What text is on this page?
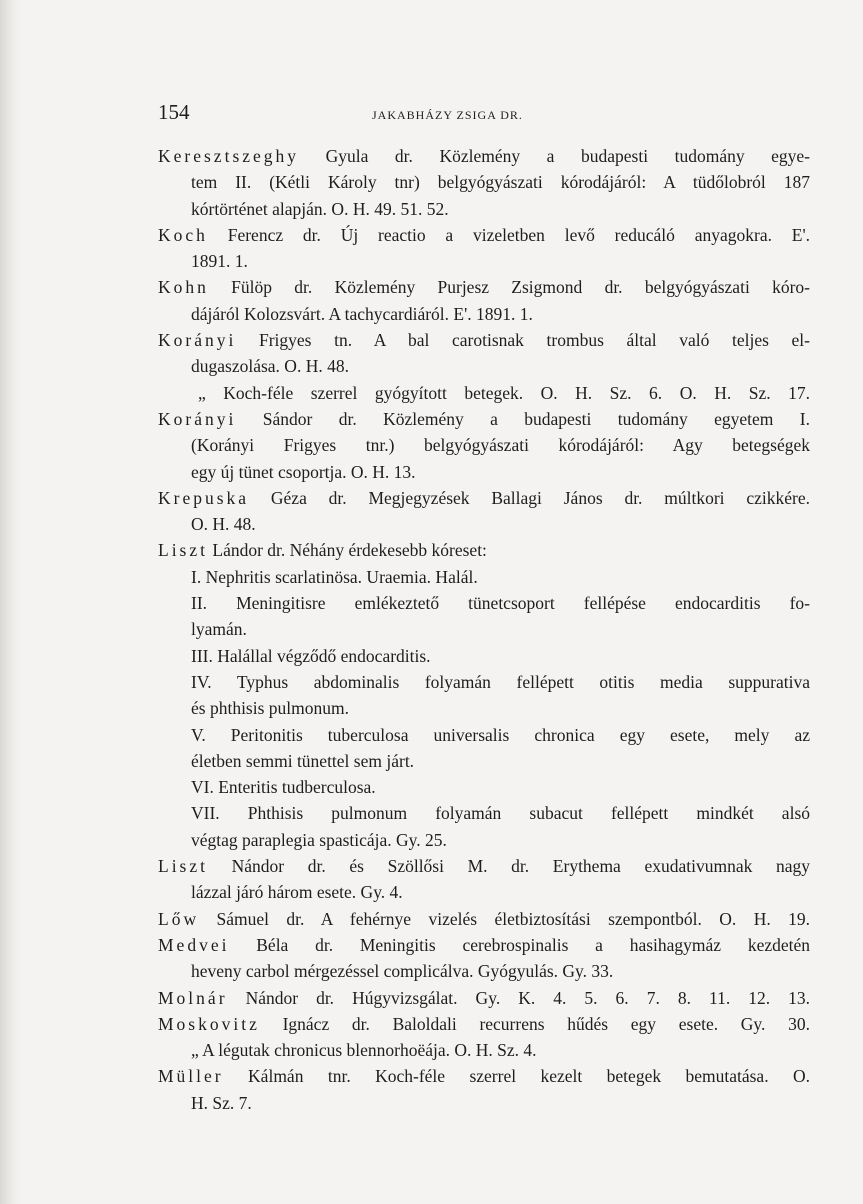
154	JAKABHÁZY ZSIGA DR.
Keresztszeghy Gyula dr. Közlemény a budapesti tudomány egye-
tem II. (Kétli Károly tnr) belgyógyászati kórodájáról: A tüdőlobról 187
kórtörténet alapján. O. H. 49. 51. 52.
Koch Ferencz dr. Új reactio a vizeletben levő reducáló anyagokra. E'.
1891. 1.
Kohn Fülöp dr. Közlemény Purjesz Zsigmond dr. belgyógyászati kóro-
dájáról Kolozsvárt. A tachycardiáról. E'. 1891. 1.
Korányi Frigyes tn. A bal carotisnak trombus által való teljes el-
dugaszolása. O. H. 48.
„ Koch-féle szerrel gyógyított betegek. O. H. Sz. 6. O. H. Sz. 17.
Korányi Sándor dr. Közlemény a budapesti tudomány egyetem I.
(Korányi Frigyes tnr.) belgyógyászati kórodájáról: Agy betegségek
egy új tünet csoportja. O. H. 13.
Krepuska Géza dr. Megjegyzések Ballagi János dr. múltkori czikkére.
O. H. 48.
Liszt Lándor dr. Néhány érdekesebb kóreset:
I. Nephritis scarlatinösa. Uraemia. Halál.
II. Meningitisre emlékeztető tünetcsoport fellépése endocarditis fo-
lyamán.
III. Halállal végződő endocarditis.
IV. Typhus abdominalis folyamán fellépett otitis media suppurativa
és phthisis pulmonum.
V. Peritonitis tuberculosa universalis chronica egy esete, mely az
életben semmi tünettel sem járt.
VI. Enteritis tudberculosa.
VII. Phthisis pulmonum folyamán subacut fellépett mindkét alsó
végtag paraplegia spasticája. Gy. 25.
Liszt Nándor dr. és Szöllősi M. dr. Erythema exudativumnak nagy
lázzal járó három esete. Gy. 4.
Lőw Sámuel dr. A fehérnye vizelés életbiztosítási szempontból. O. H. 19.
Medvei Béla dr. Meningitis cerebrospinalis a hasihagymáz kezdetén
heveny carbol mérgezéssel complicálva. Gyógyulás. Gy. 33.
Molnár Nándor dr. Húgyvizsgálat. Gy. K. 4. 5. 6. 7. 8. 11. 12. 13.
Moskovitz Ignácz dr. Baloldali recurrens hűdés egy esete. Gy. 30.
„ A légutak chronicus blennorhoëája. O. H. Sz. 4.
Müller Kálmán tnr. Koch-féle szerrel kezelt betegek bemutatása. O.
H. Sz. 7.
